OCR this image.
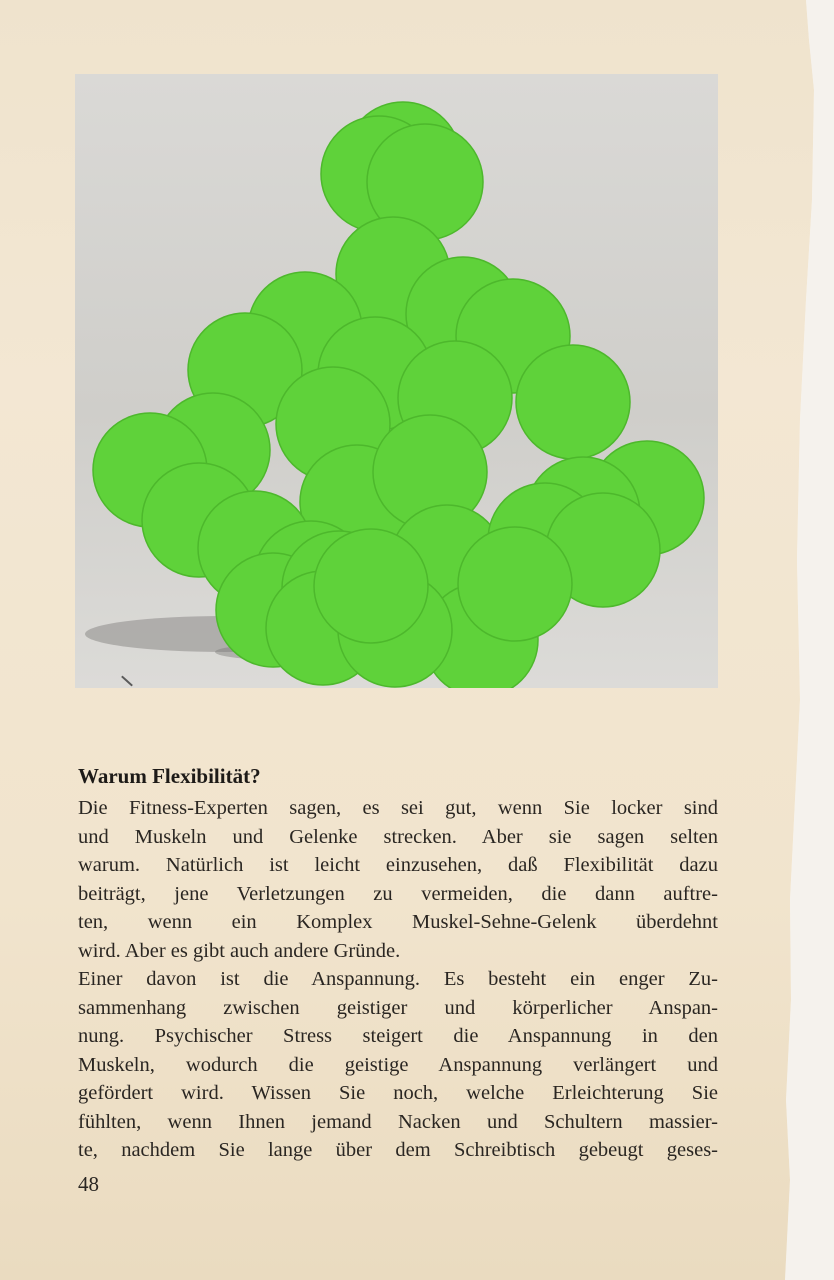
Warum Flexibilität?
Die Fitness-Experten sagen, es sei gut, wenn Sie locker sind
und Muskeln und Gelenke strecken. Aber sie sagen selten
warum. Natürlich ist leicht einzusehen, daß Flexibilität dazu
beiträgt, jene Verletzungen zu vermeiden, die dann auftre-
ten, wenn ein Komplex Muskel-Sehne-Gelenk überdehnt
wird. Aber es gibt auch andere Gründe.
Einer davon ist die Anspannung. Es besteht ein enger Zu-
sammenhang zwischen geistiger und körperlicher Anspan-
nung. Psychischer Stress steigert die Anspannung in den
Muskeln, wodurch die geistige Anspannung verlängert und
gefördert wird. Wissen Sie noch, welche Erleichterung Sie
fühlten, wenn Ihnen jemand Nacken und Schultern massier-
te, nachdem Sie lange über dem Schreibtisch gebeugt geses-
48
